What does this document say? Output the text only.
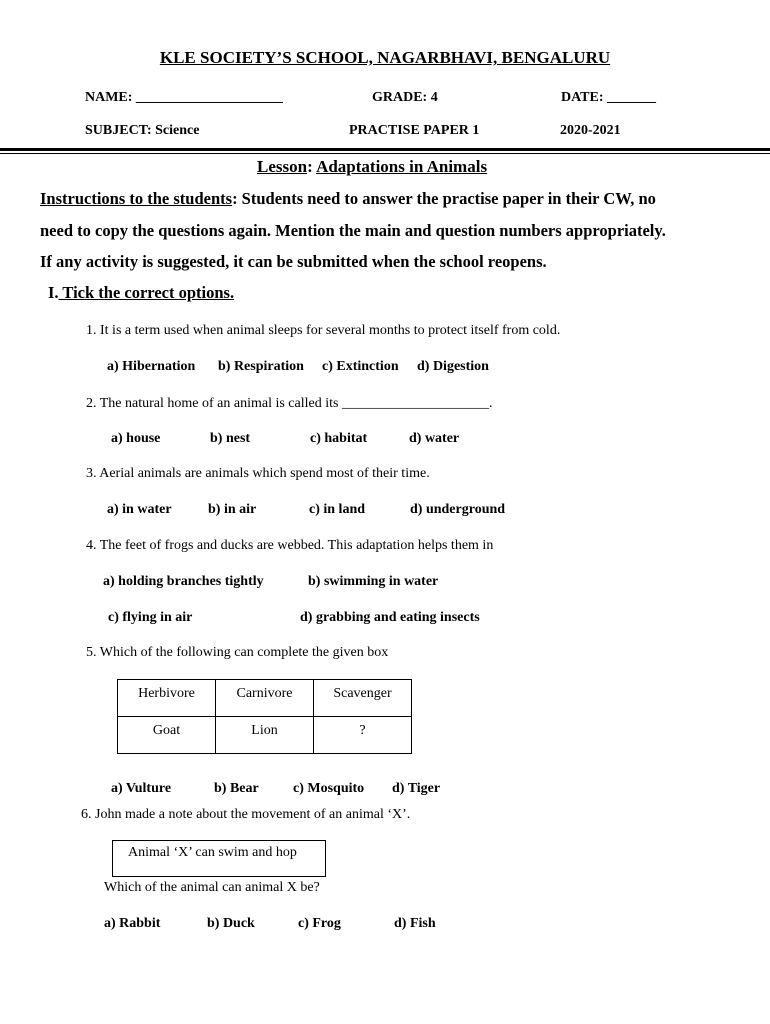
KLE SOCIETY’S SCHOOL, NAGARBHAVI, BENGALURU
NAME: _____________________	GRADE: 4	DATE: _______
SUBJECT: Science	PRACTISE PAPER 1	2020-2021
Lesson: Adaptations in Animals
Instructions to the students: Students need to answer the practise paper in their CW, no
need to copy the questions again. Mention the main and question numbers appropriately.
If any activity is suggested, it can be submitted when the school reopens.
I. Tick the correct options.
1. It is a term used when animal sleeps for several months to protect itself from cold.
a) Hibernation b) Respiration c) Extinction d) Digestion
2. The natural home of an animal is called its _____________________.
a) house	b) nest	c) habitat	d) water
3. Aerial animals are animals which spend most of their time.
a) in water	b) in air	c) in land	d) underground
4. The feet of frogs and ducks are webbed. This adaptation helps them in
a) holding branches tightly	b) swimming in water
c) flying in air	d) grabbing and eating insects
5. Which of the following can complete the given box
Herbivore	Carnivore	Scavenger
Goat	Lion	?
a) Vulture	b) Bear c) Mosquito d) Tiger
6. John made a note about the movement of an animal ‘X’.
Animal ‘X’ can swim and hop
Which of the animal can animal X be?
a) Rabbit	b) Duck	c) Frog	d) Fish
